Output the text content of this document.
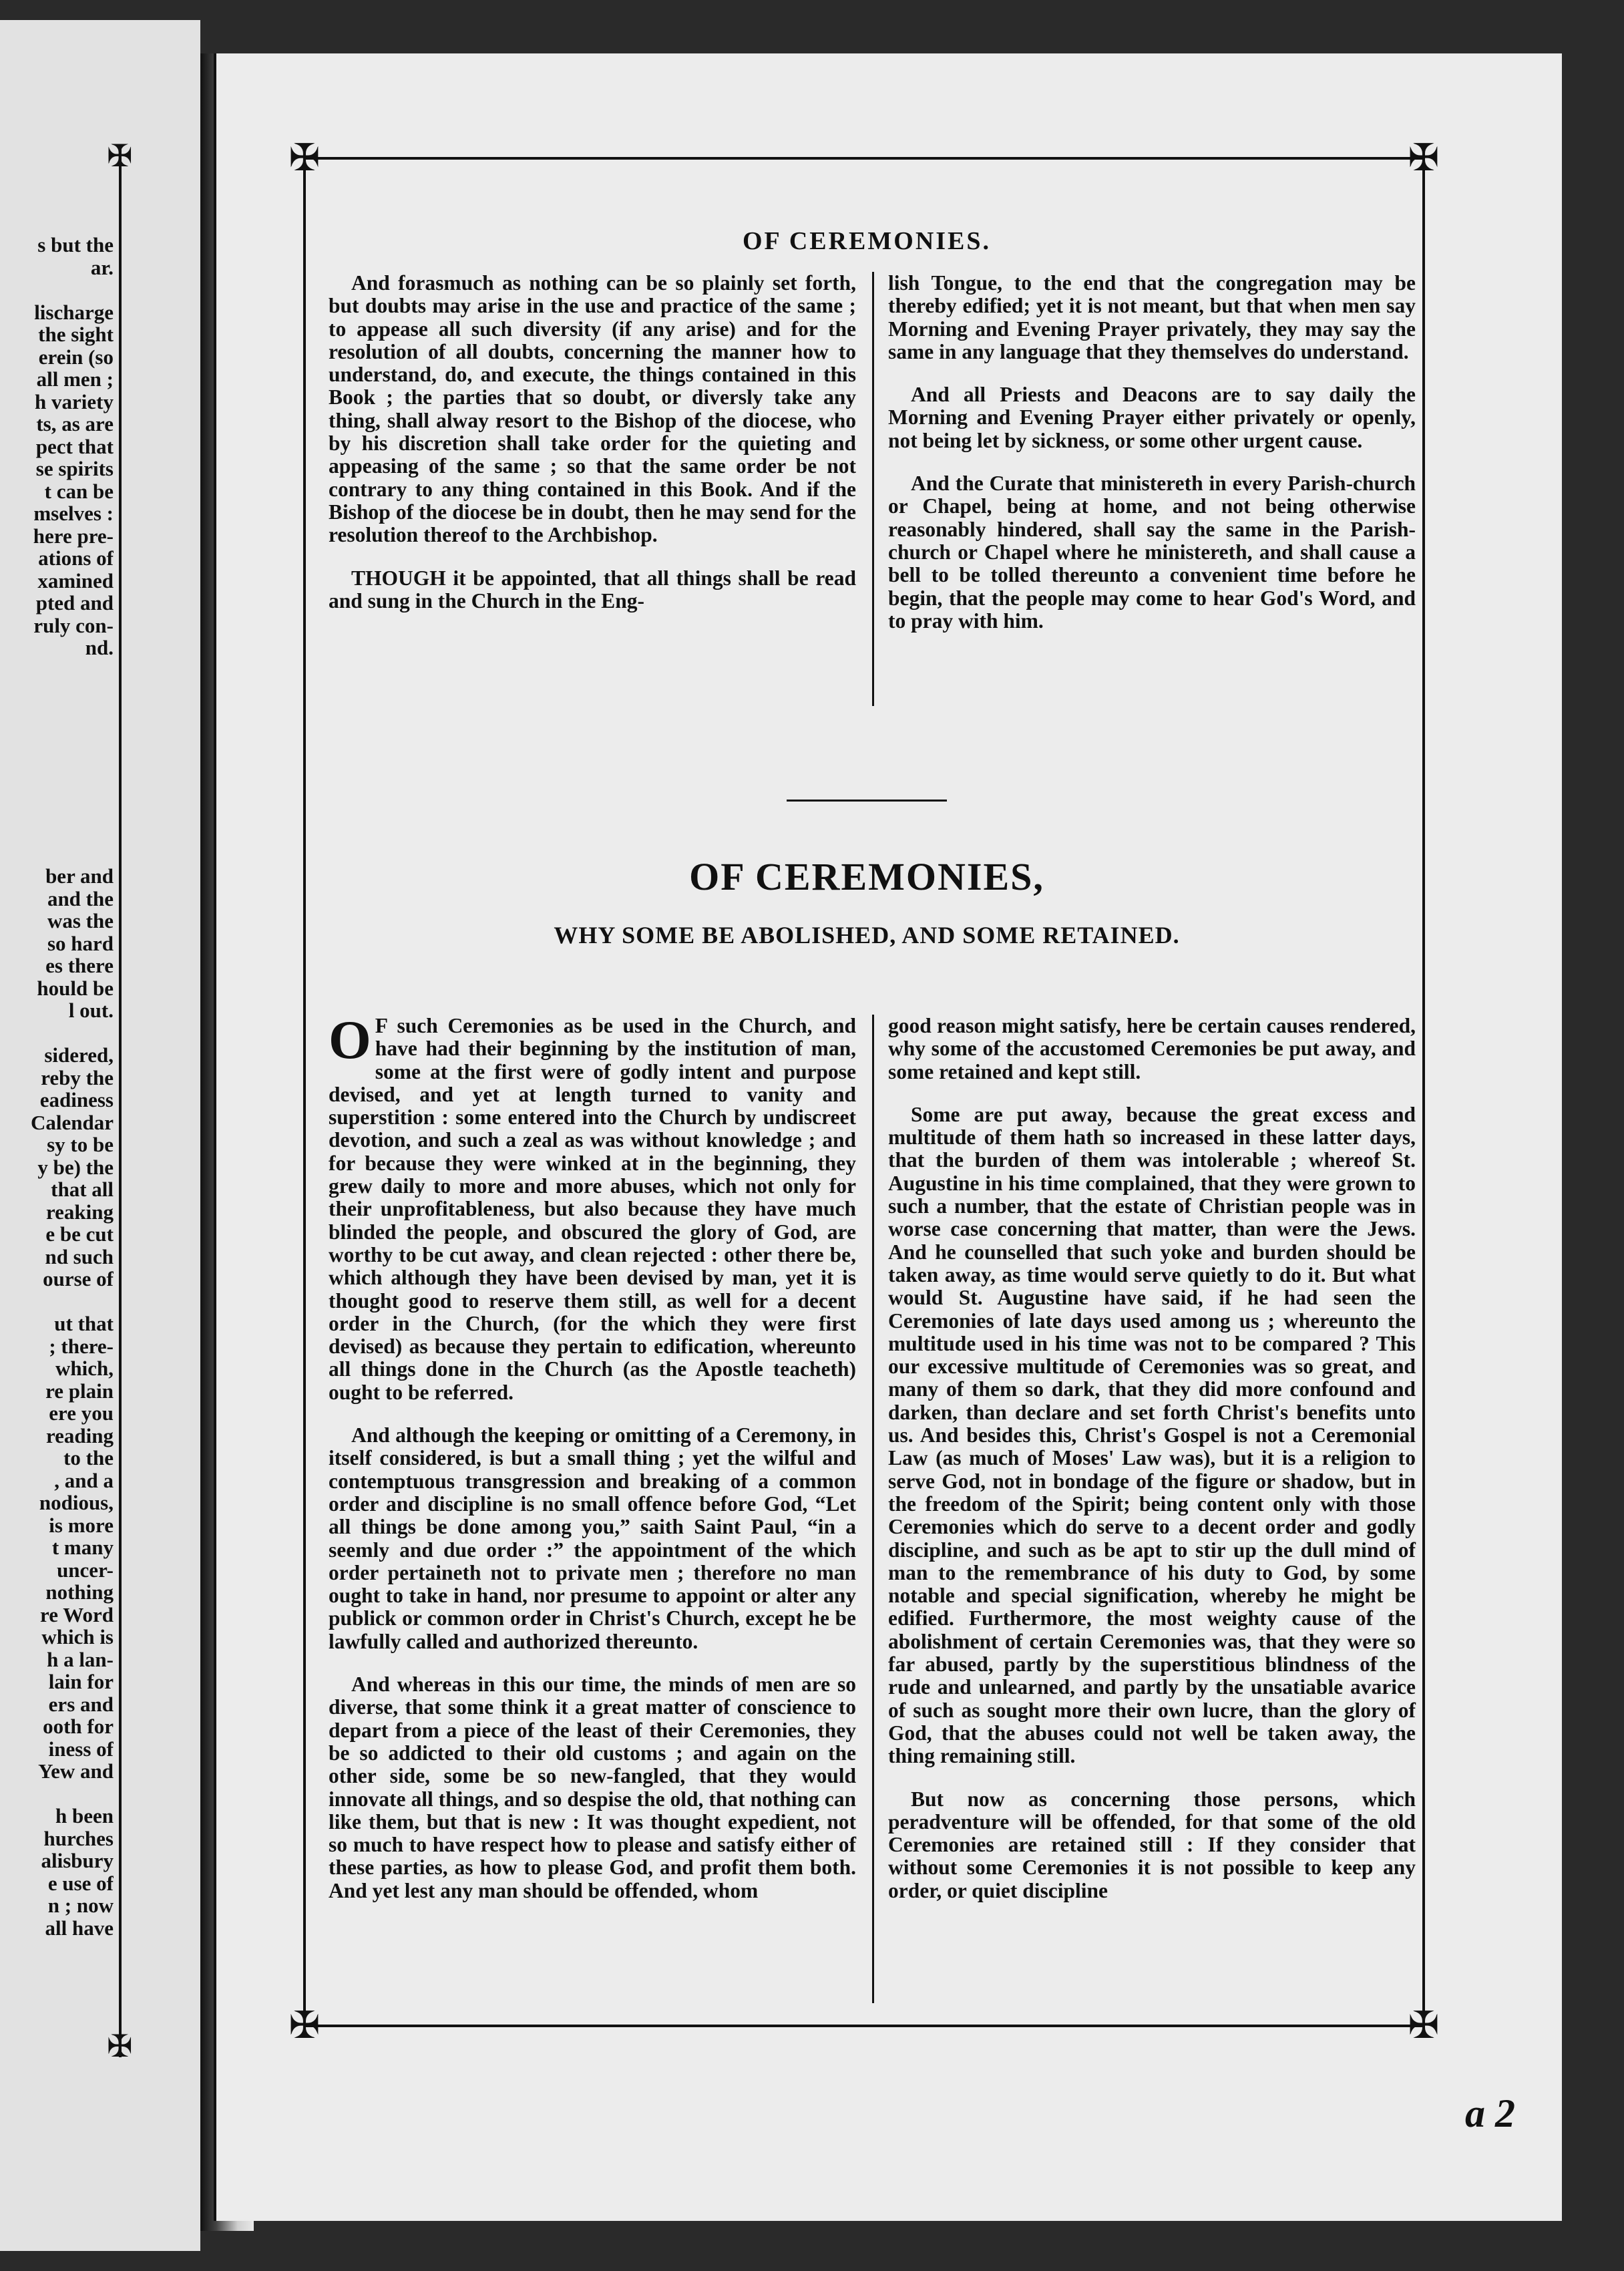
✠
✠
s but the
ar.

lischarge
the sight
erein (so
all men ;
h variety
ts, as are
pect that
se spirits
t can be
mselves :
here pre-
ations of
xamined
pted and
ruly con-
nd.
ber and
and the
was the
so hard
es there
hould be
l out.

sidered,
reby the
eadiness
Calendar
sy to be
y be) the
that all
reaking
e be cut
nd such
ourse of

ut that
; there-
which,
re plain
ere you
reading
to the
, and a
nodious,
is more
t many
uncer-
nothing
re Word
which is
h a lan-
lain for
ers and
ooth for
iness of
Yew and

h been
hurches
alisbury
e use of
n ; now
all have
✠	✠
✠	✠
OF CEREMONIES.

And forasmuch as nothing can be so plainly set forth, but doubts may arise in the use and practice of the same ; to appease all such diversity (if any arise) and for the resolution of all doubts, concerning the manner how to understand, do, and execute, the things contained in this Book ; the parties that so doubt, or diversly take any thing, shall alway resort to the Bishop of the diocese, who by his discretion shall take order for the quieting and appeasing of the same ; so that the same order be not contrary to any thing contained in this Book. And if the Bishop of the diocese be in doubt, then he may send for the resolution thereof to the Archbishop.

THOUGH it be appointed, that all things shall be read and sung in the Church in the Eng-

lish Tongue, to the end that the congregation may be thereby edified; yet it is not meant, but that when men say Morning and Evening Prayer privately, they may say the same in any language that they themselves do understand.

And all Priests and Deacons are to say daily the Morning and Evening Prayer either privately or openly, not being let by sickness, or some other urgent cause.

And the Curate that ministereth in every Parish-church or Chapel, being at home, and not being otherwise reasonably hindered, shall say the same in the Parish-church or Chapel where he ministereth, and shall cause a bell to be tolled thereunto a convenient time before he begin, that the people may come to hear God's Word, and to pray with him.

OF CEREMONIES,
WHY SOME BE ABOLISHED, AND SOME RETAINED.

O F such Ceremonies as be used in the Church, and have had their beginning by the institution of man, some at the first were of godly intent and purpose devised, and yet at length turned to vanity and superstition : some entered into the Church by undiscreet devotion, and such a zeal as was without knowledge ; and for because they were winked at in the beginning, they grew daily to more and more abuses, which not only for their unprofitableness, but also because they have much blinded the people, and obscured the glory of God, are worthy to be cut away, and clean rejected : other there be, which although they have been devised by man, yet it is thought good to reserve them still, as well for a decent order in the Church, (for the which they were first devised) as because they pertain to edification, whereunto all things done in the Church (as the Apostle teacheth) ought to be referred.

And although the keeping or omitting of a Ceremony, in itself considered, is but a small thing ; yet the wilful and contemptuous transgression and breaking of a common order and discipline is no small offence before God, “Let all things be done among you,” saith Saint Paul, “in a seemly and due order :” the appointment of the which order pertaineth not to private men ; therefore no man ought to take in hand, nor presume to appoint or alter any publick or common order in Christ's Church, except he be lawfully called and authorized thereunto.

And whereas in this our time, the minds of men are so diverse, that some think it a great matter of conscience to depart from a piece of the least of their Ceremonies, they be so addicted to their old customs ; and again on the other side, some be so new-fangled, that they would innovate all things, and so despise the old, that nothing can like them, but that is new : It was thought expedient, not so much to have respect how to please and satisfy either of these parties, as how to please God, and profit them both. And yet lest any man should be offended, whom

good reason might satisfy, here be certain causes rendered, why some of the accustomed Ceremonies be put away, and some retained and kept still.

Some are put away, because the great excess and multitude of them hath so increased in these latter days, that the burden of them was intolerable ; whereof St. Augustine in his time complained, that they were grown to such a number, that the estate of Christian people was in worse case concerning that matter, than were the Jews. And he counselled that such yoke and burden should be taken away, as time would serve quietly to do it. But what would St. Augustine have said, if he had seen the Ceremonies of late days used among us ; whereunto the multitude used in his time was not to be compared ? This our excessive multitude of Ceremonies was so great, and many of them so dark, that they did more confound and darken, than declare and set forth Christ's benefits unto us. And besides this, Christ's Gospel is not a Ceremonial Law (as much of Moses' Law was), but it is a religion to serve God, not in bondage of the figure or shadow, but in the freedom of the Spirit; being content only with those Ceremonies which do serve to a decent order and godly discipline, and such as be apt to stir up the dull mind of man to the remembrance of his duty to God, by some notable and special signification, whereby he might be edified. Furthermore, the most weighty cause of the abolishment of certain Ceremonies was, that they were so far abused, partly by the superstitious blindness of the rude and unlearned, and partly by the unsatiable avarice of such as sought more their own lucre, than the glory of God, that the abuses could not well be taken away, the thing remaining still.

But now as concerning those persons, which peradventure will be offended, for that some of the old Ceremonies are retained still : If they consider that without some Ceremonies it is not possible to keep any order, or quiet discipline

a 2
